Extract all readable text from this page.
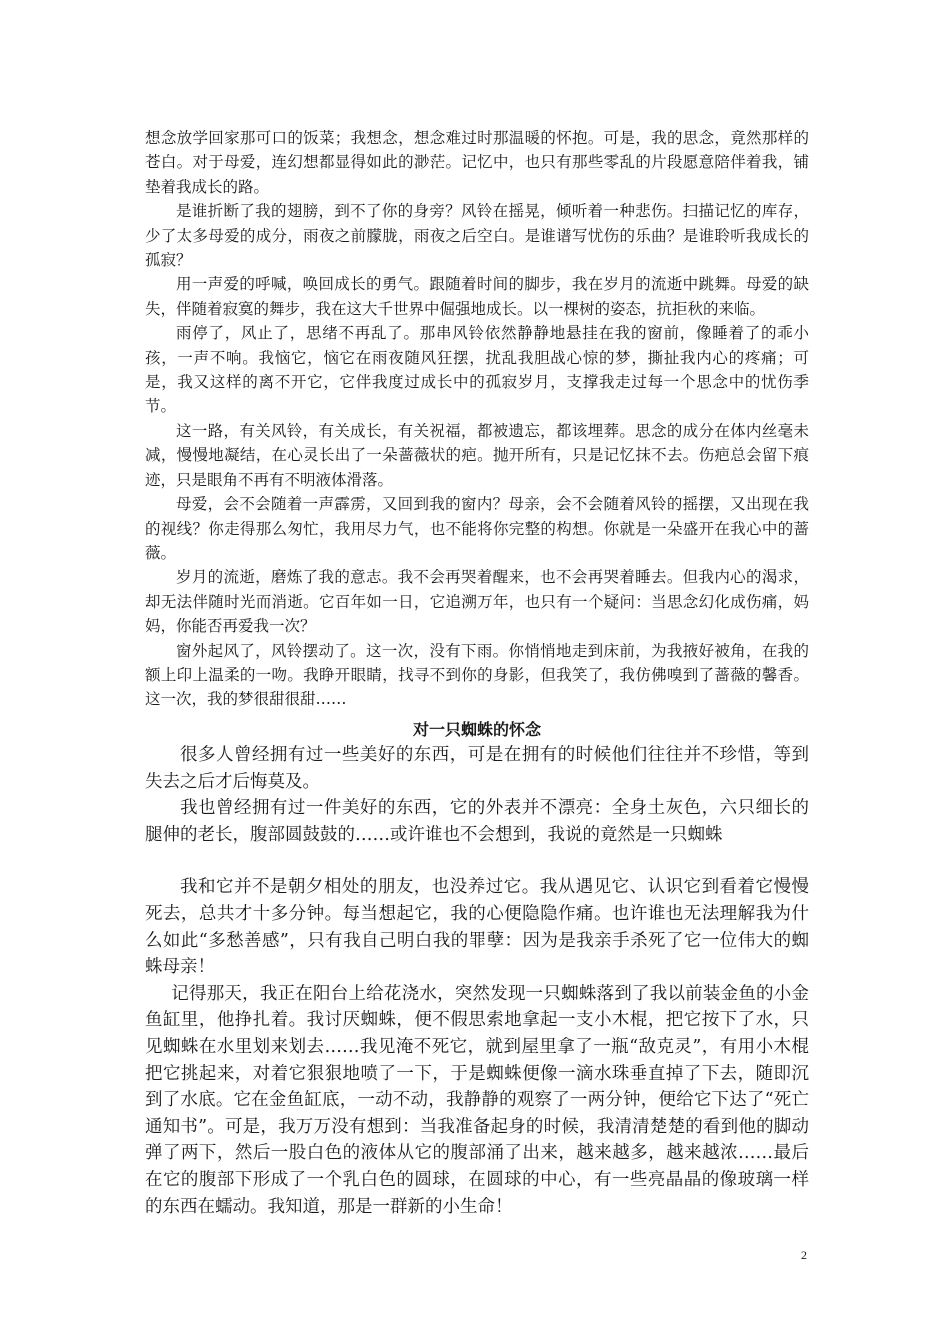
想念放学回家那可口的饭菜；我想念，想念难过时那温暖的怀抱。可是，我的思念，竟然那样的苍白。对于母爱，连幻想都显得如此的渺茫。记忆中，也只有那些零乱的片段愿意陪伴着我，铺垫着我成长的路。

是谁折断了我的翅膀，到不了你的身旁？风铃在摇晃，倾听着一种悲伤。扫描记忆的库存，少了太多母爱的成分，雨夜之前朦胧，雨夜之后空白。是谁谱写忧伤的乐曲？是谁聆听我成长的孤寂？

用一声爱的呼喊，唤回成长的勇气。跟随着时间的脚步，我在岁月的流逝中跳舞。母爱的缺失，伴随着寂寞的舞步，我在这大千世界中倔强地成长。以一棵树的姿态，抗拒秋的来临。

雨停了，风止了，思绪不再乱了。那串风铃依然静静地悬挂在我的窗前，像睡着了的乖小孩，一声不响。我恼它，恼它在雨夜随风狂摆，扰乱我胆战心惊的梦，撕扯我内心的疼痛；可是，我又这样的离不开它，它伴我度过成长中的孤寂岁月，支撑我走过每一个思念中的忧伤季节。

这一路，有关风铃，有关成长，有关祝福，都被遗忘，都该埋葬。思念的成分在体内丝毫未减，慢慢地凝结，在心灵长出了一朵蔷薇状的疤。抛开所有，只是记忆抹不去。伤疤总会留下痕迹，只是眼角不再有不明液体滑落。

母爱，会不会随着一声霹雳，又回到我的窗内？母亲，会不会随着风铃的摇摆，又出现在我的视线？你走得那么匆忙，我用尽力气，也不能将你完整的构想。你就是一朵盛开在我心中的蔷薇。

岁月的流逝，磨炼了我的意志。我不会再哭着醒来，也不会再哭着睡去。但我内心的渴求，却无法伴随时光而消逝。它百年如一日，它追溯万年，也只有一个疑问：当思念幻化成伤痛，妈妈，你能否再爱我一次？

窗外起风了，风铃摆动了。这一次，没有下雨。你悄悄地走到床前，为我掖好被角，在我的额上印上温柔的一吻。我睁开眼睛，找寻不到你的身影，但我笑了，我仿佛嗅到了蔷薇的馨香。这一次，我的梦很甜很甜……

对一只蜘蛛的怀念

很多人曾经拥有过一些美好的东西，可是在拥有的时候他们往往并不珍惜，等到失去之后才后悔莫及。

我也曾经拥有过一件美好的东西，它的外表并不漂亮：全身土灰色，六只细长的腿伸的老长，腹部圆鼓鼓的……或许谁也不会想到，我说的竟然是一只蜘蛛

我和它并不是朝夕相处的朋友，也没养过它。我从遇见它、认识它到看着它慢慢死去，总共才十多分钟。每当想起它，我的心便隐隐作痛。也许谁也无法理解我为什么如此“多愁善感”，只有我自己明白我的罪孽：因为是我亲手杀死了它一位伟大的蜘蛛母亲！

记得那天，我正在阳台上给花浇水，突然发现一只蜘蛛落到了我以前装金鱼的小金鱼缸里，他挣扎着。我讨厌蜘蛛，便不假思索地拿起一支小木棍，把它按下了水，只见蜘蛛在水里划来划去……我见淹不死它，就到屋里拿了一瓶“敌克灵”，有用小木棍把它挑起来，对着它狠狠地喷了一下，于是蜘蛛便像一滴水珠垂直掉了下去，随即沉到了水底。它在金鱼缸底，一动不动，我静静的观察了一两分钟，便给它下达了“死亡通知书”。可是，我万万没有想到：当我准备起身的时候，我清清楚楚的看到他的脚动弹了两下，然后一股白色的液体从它的腹部涌了出来，越来越多，越来越浓……最后在它的腹部下形成了一个乳白色的圆球，在圆球的中心，有一些亮晶晶的像玻璃一样的东西在蠕动。我知道，那是一群新的小生命！

2
